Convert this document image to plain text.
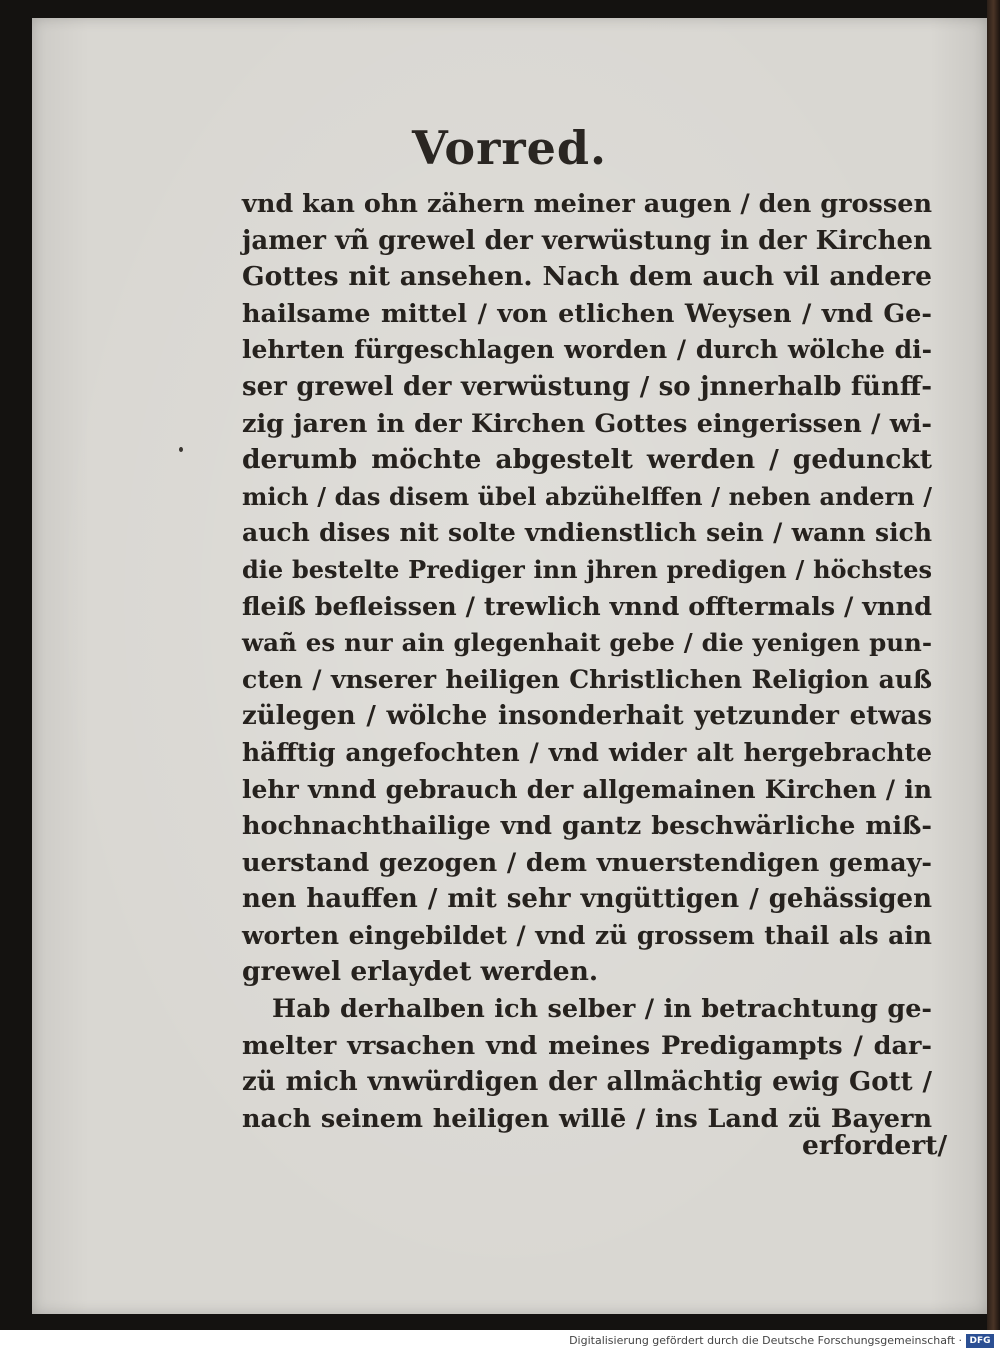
Vorred.
vnd kan ohn zähern meiner augen / den grossen
jamer vñ grewel der verwüstung in der Kirchen
Gottes nit ansehen. Nach dem auch vil andere
hailsame mittel / von etlichen Weysen / vnd Ge-
lehrten fürgeschlagen worden / durch wölche di-
ser grewel der verwüstung / so jnnerhalb fünff-
zig jaren in der Kirchen Gottes eingerissen / wi-
derumb möchte abgestelt werden / gedunckt
mich / das disem übel abzühelffen / neben andern /
auch dises nit solte vndienstlich sein / wann sich
die bestelte Prediger inn jhren predigen / höchstes
fleiß befleissen / trewlich vnnd offtermals / vnnd
wañ es nur ain glegenhait gebe / die yenigen pun-
cten / vnserer heiligen Christlichen Religion auß
zülegen / wölche insonderhait yetzunder etwas
häfftig angefochten / vnd wider alt hergebrachte
lehr vnnd gebrauch der allgemainen Kirchen / in
hochnachthailige vnd gantz beschwärliche miß-
uerstand gezogen / dem vnuerstendigen gemay-
nen hauffen / mit sehr vngüttigen / gehässigen
worten eingebildet / vnd zü grossem thail als ain
grewel erlaydet werden.
Hab derhalben ich selber / in betrachtung ge-
melter vrsachen vnd meines Predigampts / dar-
zü mich vnwürdigen der allmächtig ewig Gott /
nach seinem heiligen willē / ins Land zü Bayern
erfordert/
Digitalisierung gefördert durch die Deutsche Forschungsgemeinschaft · DFG
